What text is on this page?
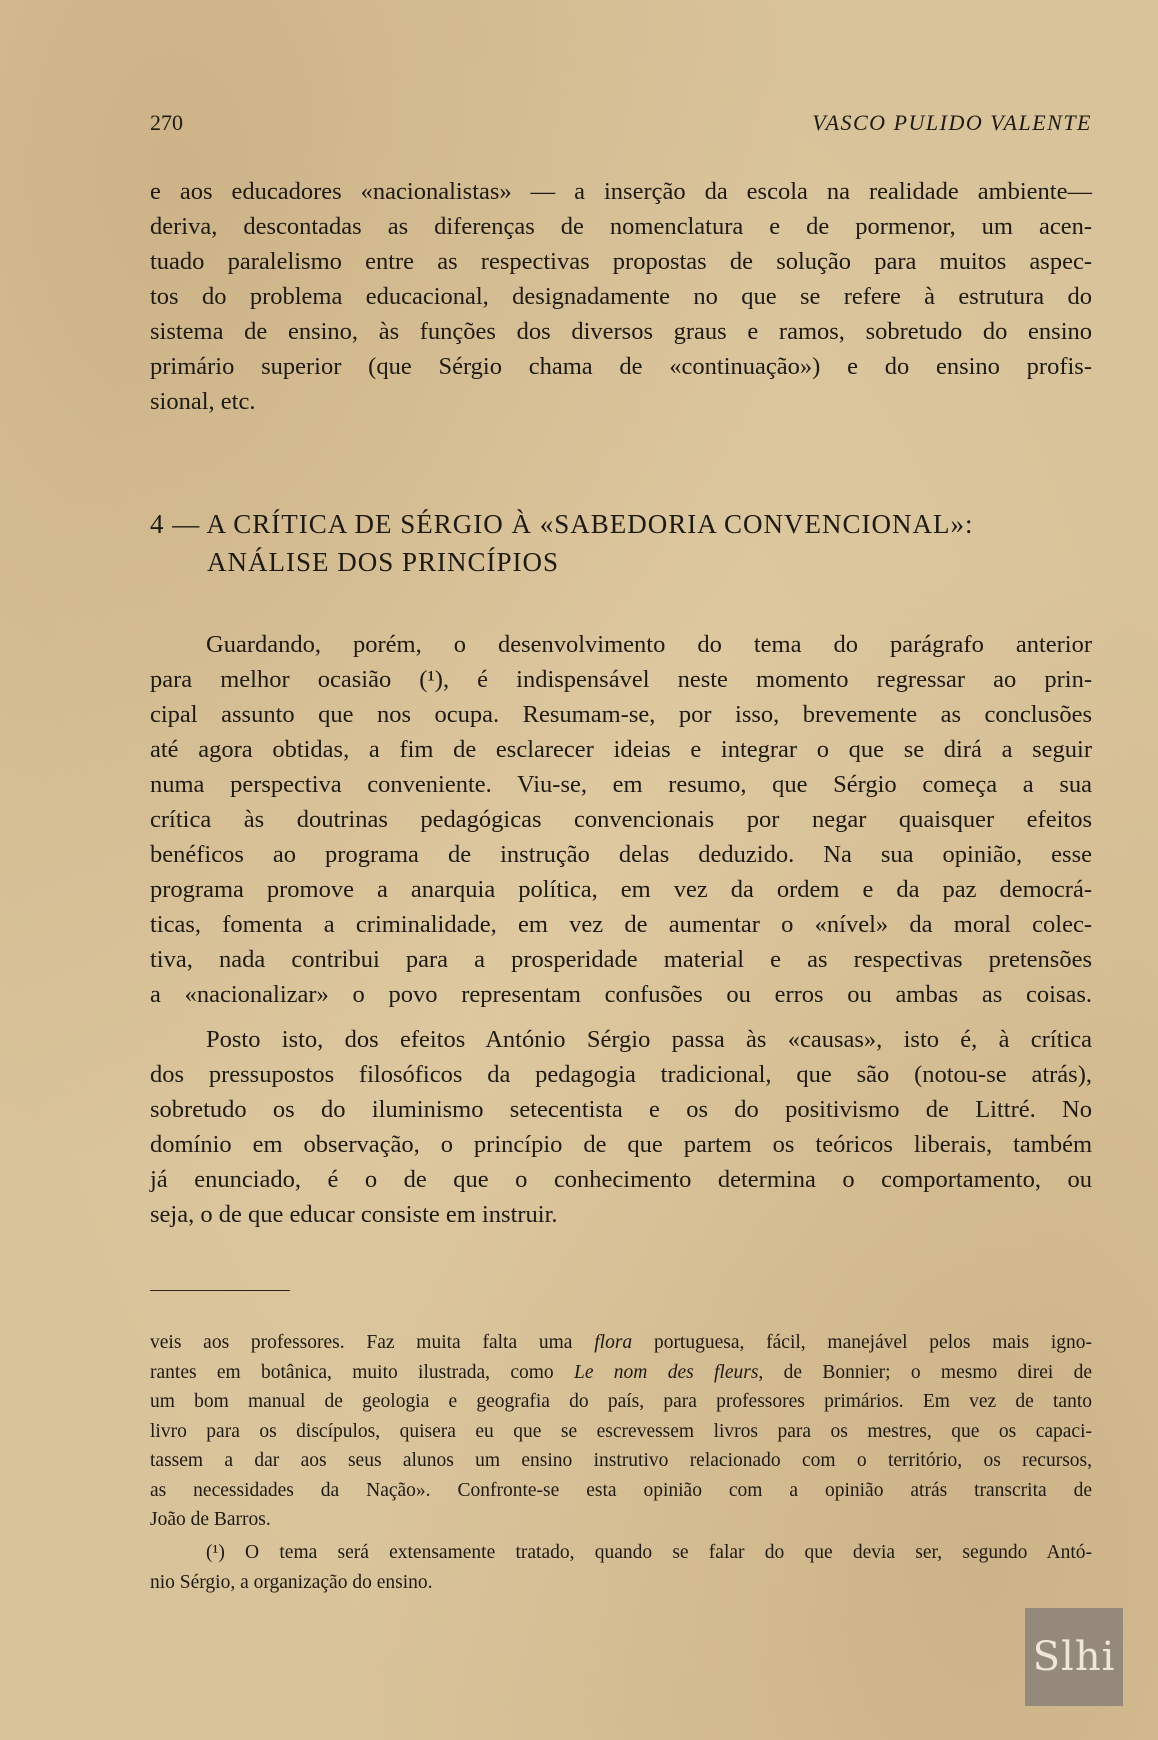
270	VASCO PULIDO VALENTE

e aos educadores «nacionalistas» — a inserção da escola na realidade ambiente—
deriva, descontadas as diferenças de nomenclatura e de pormenor, um acen-
tuado paralelismo entre as respectivas propostas de solução para muitos aspec-
tos do problema educacional, designadamente no que se refere à estrutura do
sistema de ensino, às funções dos diversos graus e ramos, sobretudo do ensino
primário superior (que Sérgio chama de «continuação») e do ensino profis-
sional, etc.

4 — A CRÍTICA DE SÉRGIO À «SABEDORIA CONVENCIONAL»:
ANÁLISE DOS PRINCÍPIOS

Guardando, porém, o desenvolvimento do tema do parágrafo anterior
para melhor ocasião (¹), é indispensável neste momento regressar ao prin-
cipal assunto que nos ocupa. Resumam-se, por isso, brevemente as conclusões
até agora obtidas, a fim de esclarecer ideias e integrar o que se dirá a seguir
numa perspectiva conveniente. Viu-se, em resumo, que Sérgio começa a sua
crítica às doutrinas pedagógicas convencionais por negar quaisquer efeitos
benéficos ao programa de instrução delas deduzido. Na sua opinião, esse
programa promove a anarquia política, em vez da ordem e da paz democrá-
ticas, fomenta a criminalidade, em vez de aumentar o «nível» da moral colec-
tiva, nada contribui para a prosperidade material e as respectivas pretensões
a «nacionalizar» o povo representam confusões ou erros ou ambas as coisas.

Posto isto, dos efeitos António Sérgio passa às «causas», isto é, à crítica
dos pressupostos filosóficos da pedagogia tradicional, que são (notou-se atrás),
sobretudo os do iluminismo setecentista e os do positivismo de Littré. No
domínio em observação, o princípio de que partem os teóricos liberais, também
já enunciado, é o de que o conhecimento determina o comportamento, ou
seja, o de que educar consiste em instruir.

veis aos professores. Faz muita falta uma flora portuguesa, fácil, manejável pelos mais igno-
rantes em botânica, muito ilustrada, como Le nom des fleurs, de Bonnier; o mesmo direi de
um bom manual de geologia e geografia do país, para professores primários. Em vez de tanto
livro para os discípulos, quisera eu que se escrevessem livros para os mestres, que os capaci-
tassem a dar aos seus alunos um ensino instrutivo relacionado com o território, os recursos,
as necessidades da Nação». Confronte-se esta opinião com a opinião atrás transcrita de
João de Barros.
(¹) O tema será extensamente tratado, quando se falar do que devia ser, segundo Antó-
nio Sérgio, a organização do ensino.
Slhi
